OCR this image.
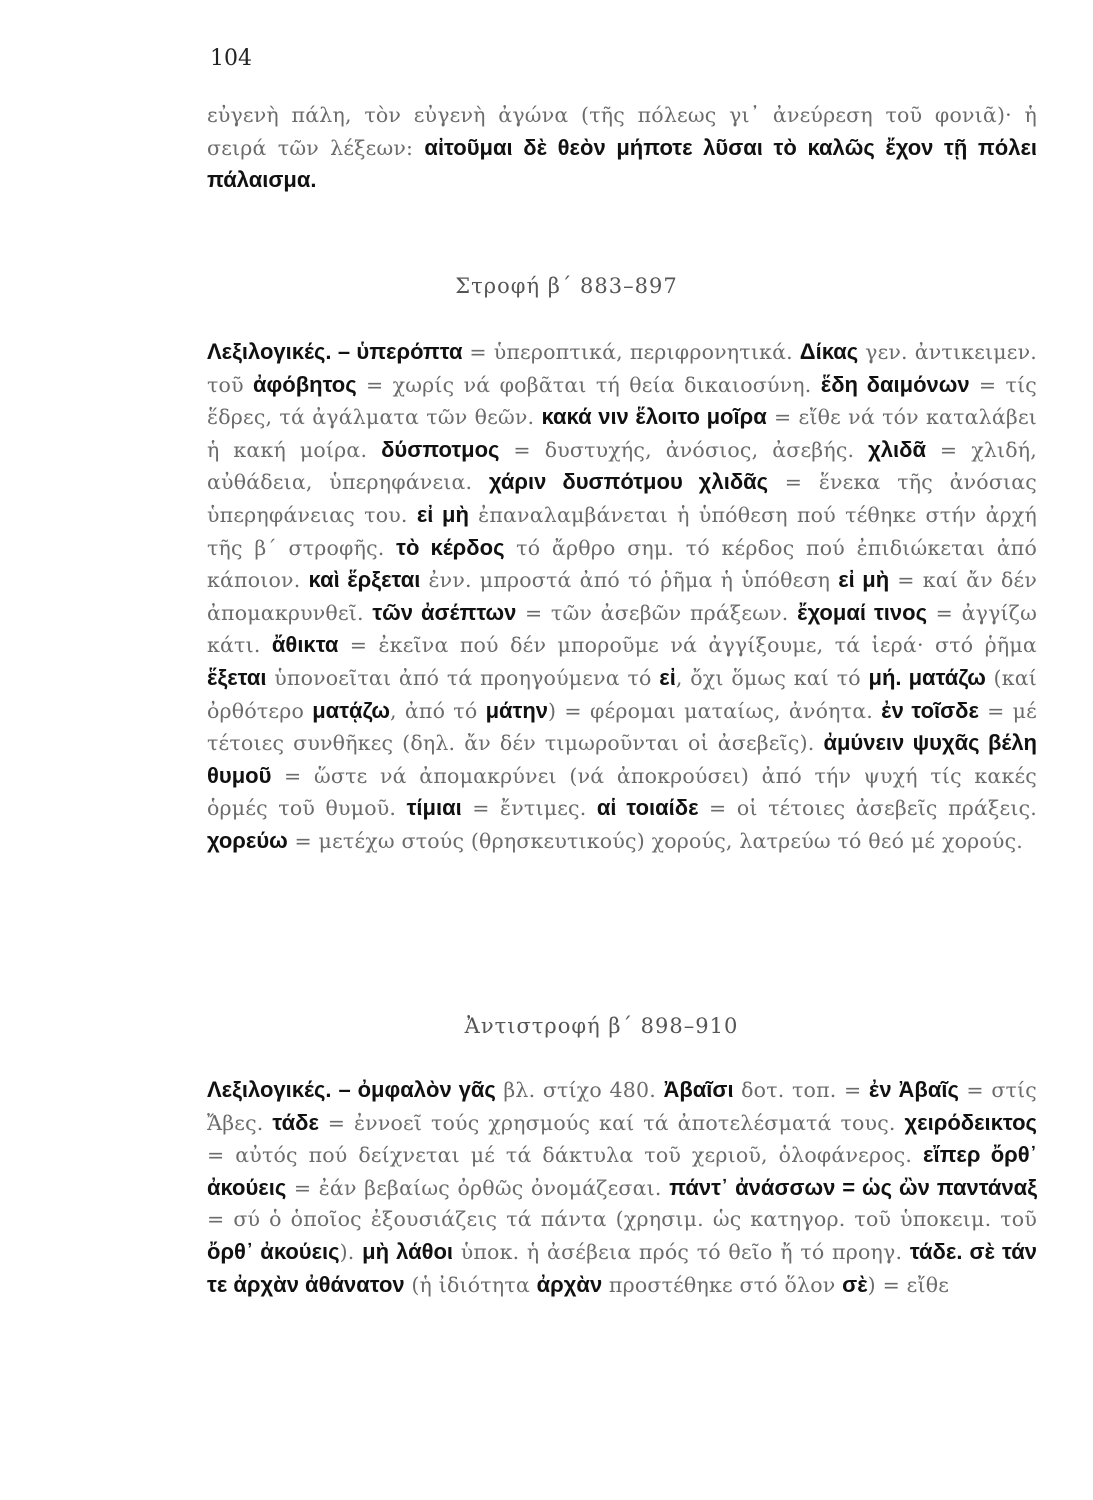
104
εὐγενὴ πάλη, τὸν εὐγενὴ ἀγώνα (τῆς πόλεως γι᾽ ἀνεύρεση τοῦ φονιᾶ)· ἡ σειρά τῶν λέξεων: αἰτοῦμαι δὲ θεὸν μήποτε λῦσαι τὸ καλῶς ἔχον τῇ πόλει πάλαισμα.
Στροφή β΄ 883–897
Λεξιλογικές. – ὑπερόπτα = ὑπεροπτικά, περιφρονητικά. Δίκας γεν. ἀντικειμεν. τοῦ ἀφόβητος = χωρίς νά φοβᾶται τή θεία δικαιοσύνη. ἕδη δαιμόνων = τίς ἕδρες, τά ἀγάλματα τῶν θεῶν. κακά νιν ἕλοιτο μοῖρα = εἴθε νά τόν καταλάβει ἡ κακή μοίρα. δύσποτμος = δυστυχής, ἀνόσιος, ἀσεβής. χλιδᾶ = χλιδή, αὐθάδεια, ὑπερηφάνεια. χάριν δυσπότμου χλιδᾶς = ἕνεκα τῆς ἀνόσιας ὑπερηφάνειας του. εἰ μὴ ἐπαναλαμβάνεται ἡ ὑπόθεση πού τέθηκε στήν ἀρχή τῆς β΄ στροφῆς. τὸ κέρδος τό ἄρθρο σημ. τό κέρδος πού ἐπιδιώκεται ἀπό κάποιον. καὶ ἕρξεται ἐνν. μπροστά ἀπό τό ῥῆμα ἡ ὑπόθεση εἰ μὴ = καί ἄν δέν ἀπομακρυνθεῖ. τῶν ἀσέπτων = τῶν ἀσεβῶν πράξεων. ἔχομαί τινος = ἀγγίζω κάτι. ἄθικτα = ἐκεῖνα πού δέν μποροῦμε νά ἀγγίξουμε, τά ἱερά· στό ῥῆμα ἕξεται ὑπονοεῖται ἀπό τά προηγούμενα τό εἰ, ὄχι ὅμως καί τό μή. ματάζω (καί ὀρθότερο ματᾴζω, ἀπό τό μάτην) = φέρομαι ματαίως, ἀνόητα. ἐν τοῖσδε = μέ τέτοιες συνθῆκες (δηλ. ἄν δέν τιμωροῦνται οἱ ἀσεβεῖς). ἀμύνειν ψυχᾶς βέλη θυμοῦ = ὥστε νά ἀπομακρύνει (νά ἀποκρούσει) ἀπό τήν ψυχή τίς κακές ὁρμές τοῦ θυμοῦ. τίμιαι = ἔντιμες. αἱ τοιαίδε = οἱ τέτοιες ἀσεβεῖς πράξεις. χορεύω = μετέχω στούς (θρησκευτικούς) χορούς, λατρεύω τό θεό μέ χορούς.
Ἀντιστροφή β΄ 898–910
Λεξιλογικές. – ὀμφαλὸν γᾶς βλ. στίχο 480. Ἀβαῖσι δοτ. τοπ. = ἐν Ἀβαῖς = στίς Ἄβες. τάδε = ἐννοεῖ τούς χρησμούς καί τά ἀποτελέσματά τους. χειρόδεικτος = αὐτός πού δείχνεται μέ τά δάκτυλα τοῦ χεριοῦ, ὁλοφάνερος. εἴπερ ὄρθ᾽ ἀκούεις = ἐάν βεβαίως ὀρθῶς ὀνομάζεσαι. πάντ᾽ ἀνάσσων = ὡς ὢν παντάναξ = σύ ὁ ὁποῖος ἐξουσιάζεις τά πάντα (χρησιμ. ὡς κατηγορ. τοῦ ὑποκειμ. τοῦ ὄρθ᾽ ἀκούεις). μὴ λάθοι ὑποκ. ἡ ἀσέβεια πρός τό θεῖο ἤ τό προηγ. τάδε. σὲ τάν τε ἀρχὰν ἀθάνατον (ἡ ἰδιότητα ἀρχὰν προστέθηκε στό ὅλον σὲ) = εἴθε
